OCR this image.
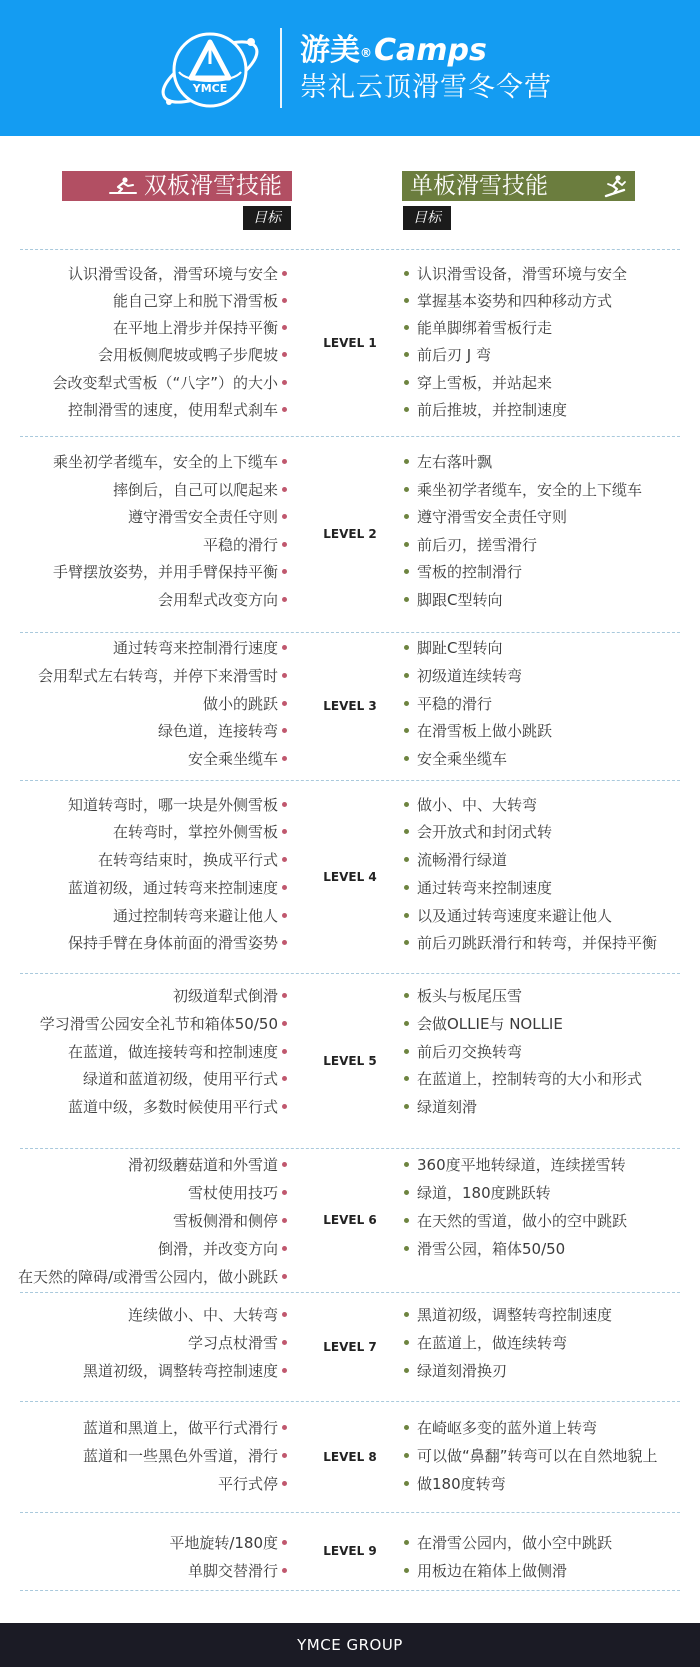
YMCE
游美®Camps
崇礼云顶滑雪冬令营
双板滑雪技能	单板滑雪技能
目标	目标
LEVEL 1
认识滑雪设备，滑雪环境与安全
能自己穿上和脱下滑雪板
在平地上滑步并保持平衡
会用板侧爬坡或鸭子步爬坡
会改变犁式雪板（“八字”）的大小
控制滑雪的速度，使用犁式刹车
认识滑雪设备，滑雪环境与安全
掌握基本姿势和四种移动方式
能单脚绑着雪板行走
前后刃 J 弯
穿上雪板，并站起来
前后推坡，并控制速度
LEVEL 2
乘坐初学者缆车，安全的上下缆车
摔倒后，自己可以爬起来
遵守滑雪安全责任守则
平稳的滑行
手臂摆放姿势，并用手臂保持平衡
会用犁式改变方向
左右落叶飘
乘坐初学者缆车，安全的上下缆车
遵守滑雪安全责任守则
前后刃，搓雪滑行
雪板的控制滑行
脚跟C型转向
LEVEL 3
通过转弯来控制滑行速度
会用犁式左右转弯，并停下来滑雪时
做小的跳跃
绿色道，连接转弯
安全乘坐缆车
脚趾C型转向
初级道连续转弯
平稳的滑行
在滑雪板上做小跳跃
安全乘坐缆车
LEVEL 4
知道转弯时，哪一块是外侧雪板
在转弯时，掌控外侧雪板
在转弯结束时，换成平行式
蓝道初级，通过转弯来控制速度
通过控制转弯来避让他人
保持手臂在身体前面的滑雪姿势
做小、中、大转弯
会开放式和封闭式转
流畅滑行绿道
通过转弯来控制速度
以及通过转弯速度来避让他人
前后刃跳跃滑行和转弯，并保持平衡
LEVEL 5
初级道犁式倒滑
学习滑雪公园安全礼节和箱体50/50
在蓝道，做连接转弯和控制速度
绿道和蓝道初级，使用平行式
蓝道中级，多数时候使用平行式
板头与板尾压雪
会做OLLIE与 NOLLIE
前后刃交换转弯
在蓝道上，控制转弯的大小和形式
绿道刻滑
LEVEL 6
滑初级蘑菇道和外雪道
雪杖使用技巧
雪板侧滑和侧停
倒滑，并改变方向
在天然的障碍/或滑雪公园内，做小跳跃
360度平地转绿道，连续搓雪转
绿道，180度跳跃转
在天然的雪道，做小的空中跳跃
滑雪公园，箱体50/50
LEVEL 7
连续做小、中、大转弯
学习点杖滑雪
黑道初级，调整转弯控制速度
黑道初级，调整转弯控制速度
在蓝道上，做连续转弯
绿道刻滑换刃
LEVEL 8
蓝道和黑道上，做平行式滑行
蓝道和一些黑色外雪道，滑行
平行式停
在崎岖多变的蓝外道上转弯
可以做“鼻翻”转弯可以在自然地貌上
做180度转弯
LEVEL 9
平地旋转/180度
单脚交替滑行
在滑雪公园内，做小空中跳跃
用板边在箱体上做侧滑
YMCE GROUP
